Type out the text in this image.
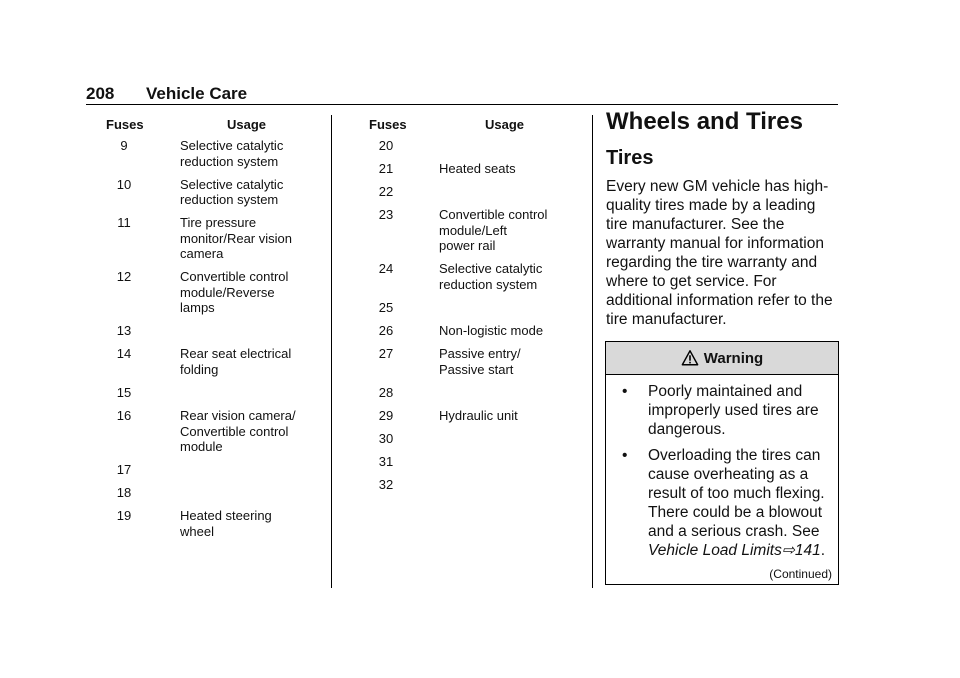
208 Vehicle Care
Fuses	Usage
9	Selective catalytic
reduction system
10	Selective catalytic
reduction system
11	Tire pressure
monitor/Rear vision
camera
12	Convertible control
module/Reverse
lamps
13

14	Rear seat electrical
folding
15

16	Rear vision camera/
Convertible control
module
17

18

19	Heated steering
wheel
Fuses	Usage
20

21	Heated seats
22

23	Convertible control
module/Left
power rail
24	Selective catalytic
reduction system
25

26	Non-logistic mode
27	Passive entry/
Passive start
28

29	Hydraulic unit
30

31

32

Wheels and Tires
Tires
Every new GM vehicle has high-quality tires made by a leading tire manufacturer. See the warranty manual for information regarding the tire warranty and where to get service. For additional information refer to the tire manufacturer.
Warning
• Poorly maintained and improperly used tires are dangerous.
• Overloading the tires can cause overheating as a result of too much flexing. There could be a blowout and a serious crash. See Vehicle Load Limits⇨141.
(Continued)
